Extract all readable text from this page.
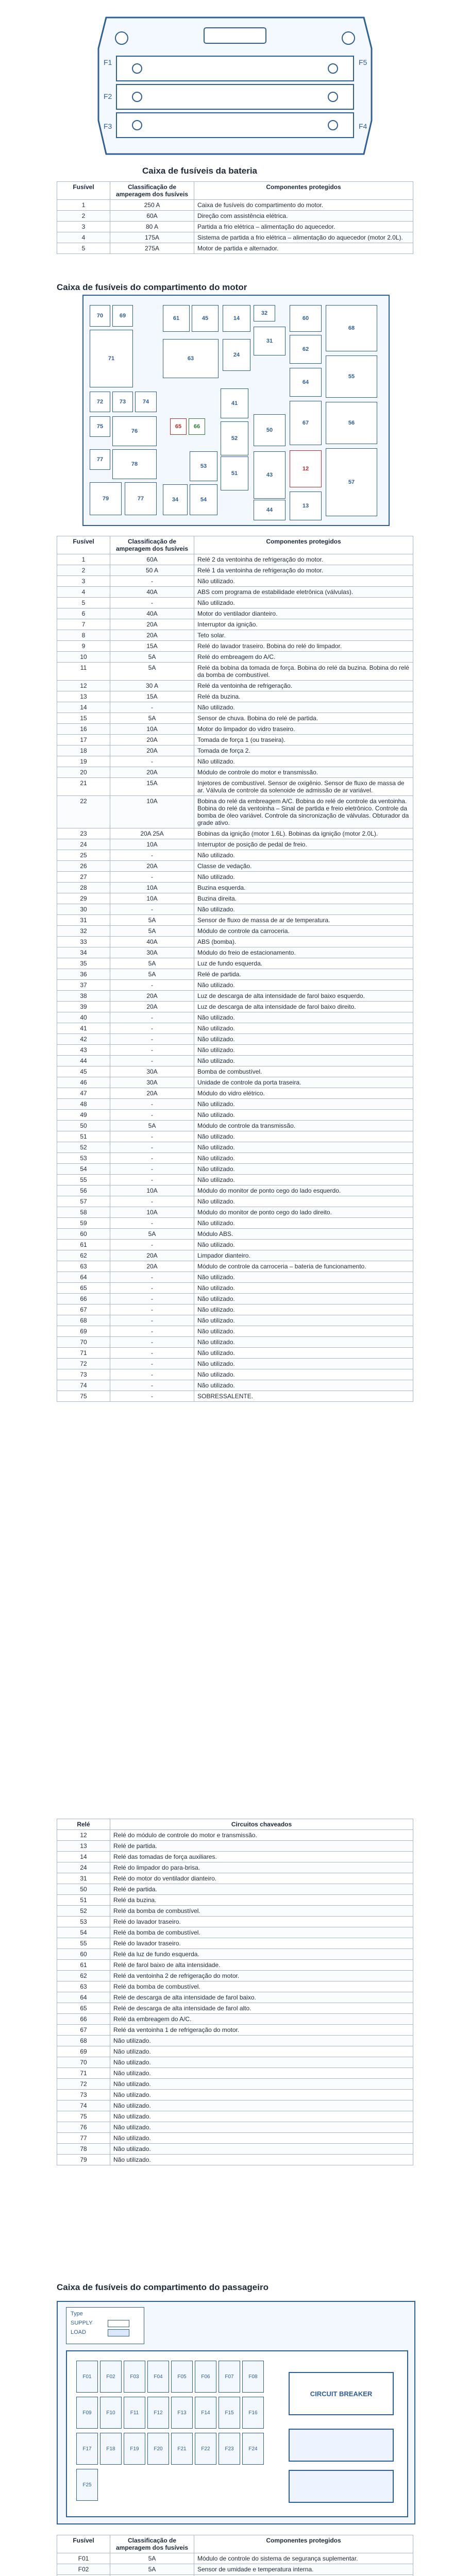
F1
F2
F3
F5
F4
Caixa de fusíveis da bateria
Fusível	Classificação de amperagem dos fusíveis	Componentes protegidos
1	250 A	Caixa de fusíveis do compartimento do motor.
2	60A	Direção com assistência elétrica.
3	80 A	Partida a frio elétrica – alimentação do aquecedor.
4	175A	Sistema de partida a frio elétrica – alimentação do aquecedor (motor 2.0L).
5	275A	Motor de partida e alternador.
Caixa de fusíveis do compartimento do motor
70	69
71
61	45
32
63
72	73	74
75
76
65	66
77
78	53
79	77	54
34
43
12
44
13
52
51
41
50
14
24
31
60
62
64
67
68
55
56
57
Fusível	Classificação de amperagem dos fusíveis	Componentes protegidos
1	60A	Relé 2 da ventoinha de refrigeração do motor.
2	50 A	Relé 1 da ventoinha de refrigeração do motor.
3	-	Não utilizado.
4	40A	ABS com programa de estabilidade eletrônica (válvulas).
5	-	Não utilizado.
6	40A	Motor do ventilador dianteiro.
7	20A	Interruptor da ignição.
8	20A	Teto solar.
9	15A	Relé do lavador traseiro. Bobina do relé do limpador.
10	5A	Relé do embreagem do A/C.
11	5A	Relé da bobina da tomada de força. Bobina do relé da buzina. Bobina do relé da bomba de combustível.
12	30 A	Relé da ventoinha de refrigeração.
13	15A	Relé da buzina.
14	-	Não utilizado.
15	5A	Sensor de chuva. Bobina do relé de partida.
16	10A	Motor do limpador do vidro traseiro.
17	20A	Tomada de força 1 (ou traseira).
18	20A	Tomada de força 2.
19	-	Não utilizado.
20	20A	Módulo de controle do motor e transmissão.
21	15A	Injetores de combustível. Sensor de oxigênio. Sensor de fluxo de massa de ar. Válvula de controle da solenoide de admissão de ar variável.
22	10A	Bobina do relé da embreagem A/C. Bobina do relé de controle da ventoinha. Bobina do relé da ventoinha – Sinal de partida e freio eletrônico. Controle da bomba de óleo variável. Controle da sincronização de válvulas. Obturador da grade ativo.
23	20A 25A	Bobinas da ignição (motor 1.6L). Bobinas da ignição (motor 2.0L).
24	10A	Interruptor de posição de pedal de freio.
25	-	Não utilizado.
26	20A	Classe de vedação.
27	-	Não utilizado.
28	10A	Buzina esquerda.
29	10A	Buzina direita.
30	-	Não utilizado.
31	5A	Sensor de fluxo de massa de ar de temperatura.
32	5A	Módulo de controle da carroceria.
33	40A	ABS (bomba).
34	30A	Módulo do freio de estacionamento.
35	5A	Luz de fundo esquerda.
36	5A	Relé de partida.
37	-	Não utilizado.
38	20A	Luz de descarga de alta intensidade de farol baixo esquerdo.
39	20A	Luz de descarga de alta intensidade de farol baixo direito.
40	-	Não utilizado.
41	-	Não utilizado.
42	-	Não utilizado.
43	-	Não utilizado.
44	-	Não utilizado.
45	30A	Bomba de combustível.
46	30A	Unidade de controle da porta traseira.
47	20A	Módulo do vidro elétrico.
48	-	Não utilizado.
49	-	Não utilizado.
50	5A	Módulo de controle da transmissão.
51	-	Não utilizado.
52	-	Não utilizado.
53	-	Não utilizado.
54	-	Não utilizado.
55	-	Não utilizado.
56	10A	Módulo do monitor de ponto cego do lado esquerdo.
57	-	Não utilizado.
58	10A	Módulo do monitor de ponto cego do lado direito.
59	-	Não utilizado.
60	5A	Módulo ABS.
61	-	Não utilizado.
62	20A	Limpador dianteiro.
63	20A	Módulo de controle da carroceria – bateria de funcionamento.
64	-	Não utilizado.
65	-	Não utilizado.
66	-	Não utilizado.
67	-	Não utilizado.
68	-	Não utilizado.
69	-	Não utilizado.
70	-	Não utilizado.
71	-	Não utilizado.
72	-	Não utilizado.
73	-	Não utilizado.
74	-	Não utilizado.
75	-	SOBRESSALENTE.
Relé	Circuitos chaveados
12	Relé do módulo de controle do motor e transmissão.
13	Relé de partida.
14	Relé das tomadas de força auxiliares.
24	Relé do limpador do para-brisa.
31	Relé do motor do ventilador dianteiro.
50	Relé de partida.
51	Relé da buzina.
52	Relé da bomba de combustível.
53	Relé do lavador traseiro.
54	Relé da bomba de combustível.
55	Relé do lavador traseiro.
60	Relé da luz de fundo esquerda.
61	Relé de farol baixo de alta intensidade.
62	Relé da ventoinha 2 de refrigeração do motor.
63	Relé da bomba de combustível.
64	Relé de descarga de alta intensidade de farol baixo.
65	Relé de descarga de alta intensidade de farol alto.
66	Relé da embreagem do A/C.
67	Relé da ventoinha 1 de refrigeração do motor.
68	Não utilizado.
69	Não utilizado.
70	Não utilizado.
71	Não utilizado.
72	Não utilizado.
73	Não utilizado.
74	Não utilizado.
75	Não utilizado.
76	Não utilizado.
77	Não utilizado.
78	Não utilizado.
79	Não utilizado.
Caixa de fusíveis do compartimento do passageiro
Type
SUPPLY
LOAD
F01	F02	F03	F04	F05	F06	F07	F08
F09	F10	F11	F12	F13	F14	F15	F16
F17	F18	F19	F20	F21	F22	F23	F24
F25
CIRCUIT BREAKER
Fusível	Classificação de amperagem dos fusíveis	Componentes protegidos
F01	5A	Módulo de controle do sistema de segurança suplementar.
F02	5A	Sensor de umidade e temperatura interna.
